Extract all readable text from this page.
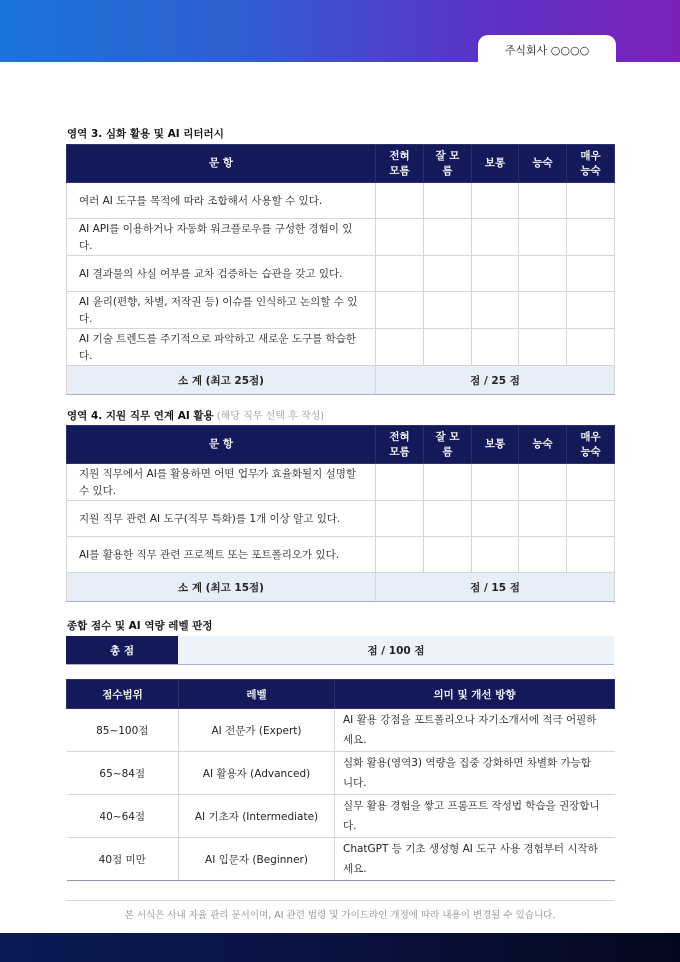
주식회사 ○○○○
영역 3. 심화 활용 및 AI 리터러시
문 항	전혀 모름	잘 모름	보통	능숙	매우 능숙

여러 AI 도구를 목적에 따라 조합해서 사용할 수 있다.					
AI API를 이용하거나 자동화 워크플로우를 구성한 경험이 있다.					
AI 결과물의 사실 여부를 교차 검증하는 습관을 갖고 있다.					
AI 윤리(편향, 차별, 저작권 등) 이슈를 인식하고 논의할 수 있다.					
AI 기술 트렌드를 주기적으로 파악하고 새로운 도구를 학습한다.					
소 계 (최고 25점)	점 / 25 점				
영역 4. 지원 직무 연계 AI 활용 (해당 직무 선택 후 작성)
문 항	전혀 모름	잘 모름	보통	능숙	매우 능숙

지원 직무에서 AI를 활용하면 어떤 업무가 효율화될지 설명할 수 있다.					
지원 직무 관련 AI 도구(직무 특화)를 1개 이상 알고 있다.					
AI를 활용한 직무 관련 프로젝트 또는 포트폴리오가 있다.					
소 계 (최고 15점)	점 / 15 점				
종합 점수 및 AI 역량 레벨 판정
총 점	점 / 100 점
점수범위	레벨	의미 및 개선 방향
85~100점	AI 전문가 (Expert)	AI 활용 강점을 포트폴리오나 자기소개서에 적극 어필하세요.
65~84점	AI 활용자 (Advanced)	심화 활용(영역3) 역량을 집중 강화하면 차별화 가능합니다.
40~64점	AI 기초자 (Intermediate)	실무 활용 경험을 쌓고 프롬프트 작성법 학습을 권장합니다.
40점 미만	AI 입문자 (Beginner)	ChatGPT 등 기초 생성형 AI 도구 사용 경험부터 시작하세요.
본 서식은 사내 자율 관리 문서이며, AI 관련 법령 및 가이드라인 개정에 따라 내용이 변경될 수 있습니다.
